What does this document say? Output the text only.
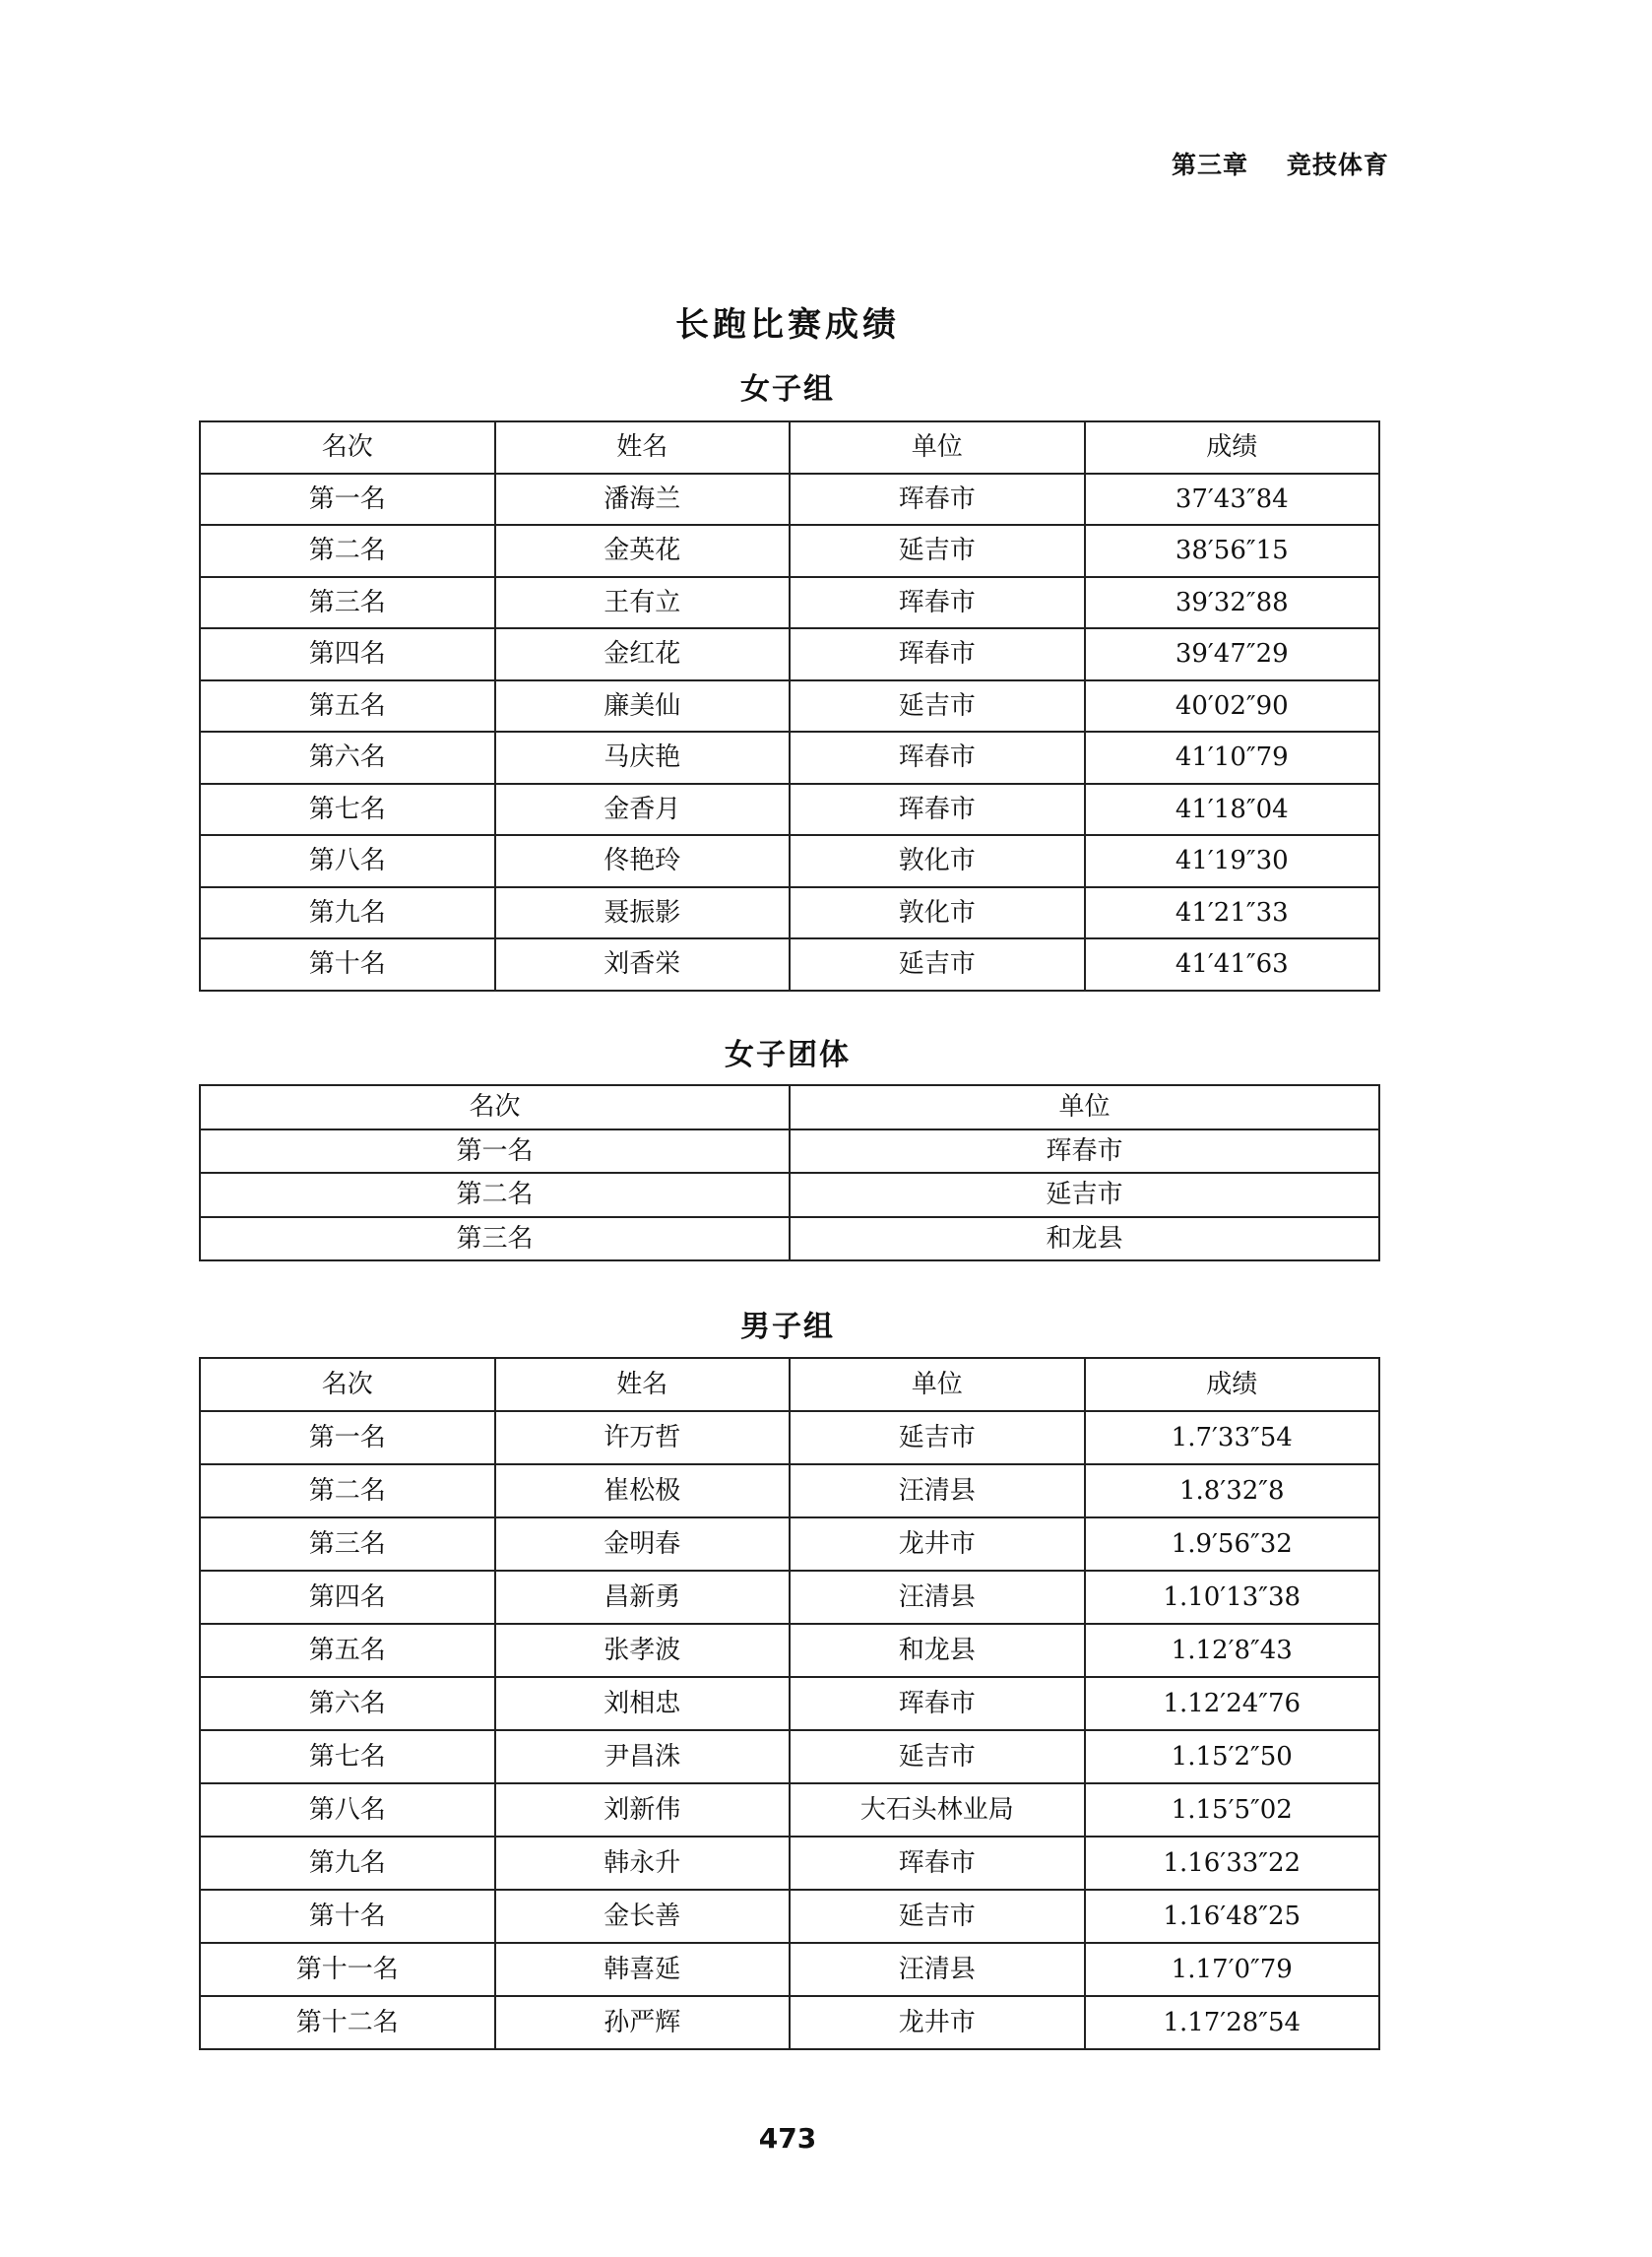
第三章    竞技体育
长跑比赛成绩
女子组
名次	姓名	单位	成绩
第一名	潘海兰	珲春市	37′43″84
第二名	金英花	延吉市	38′56″15
第三名	王有立	珲春市	39′32″88
第四名	金红花	珲春市	39′47″29
第五名	廉美仙	延吉市	40′02″90
第六名	马庆艳	珲春市	41′10″79
第七名	金香月	珲春市	41′18″04
第八名	佟艳玲	敦化市	41′19″30
第九名	聂振影	敦化市	41′21″33
第十名	刘香栄	延吉市	41′41″63
女子团体
名次	单位
第一名	珲春市
第二名	延吉市
第三名	和龙县
男子组
名次	姓名	单位	成绩
第一名	许万哲	延吉市	1.7′33″54
第二名	崔松极	汪清县	1.8′32″8
第三名	金明春	龙井市	1.9′56″32
第四名	昌新勇	汪清县	1.10′13″38
第五名	张孝波	和龙县	1.12′8″43
第六名	刘相忠	珲春市	1.12′24″76
第七名	尹昌洙	延吉市	1.15′2″50
第八名	刘新伟	大石头林业局	1.15′5″02
第九名	韩永升	珲春市	1.16′33″22
第十名	金长善	延吉市	1.16′48″25
第十一名	韩喜延	汪清县	1.17′0″79
第十二名	孙严辉	龙井市	1.17′28″54
473
